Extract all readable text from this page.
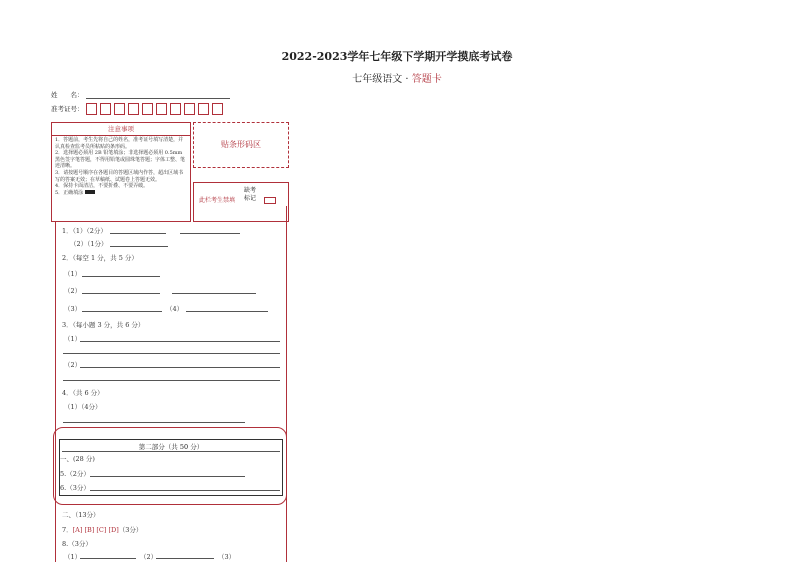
2022-2023学年七年级下学期开学摸底考试卷
七年级语文 · 答题卡
姓　　名：
准考证号：
注意事项
1．答题前，考生先将自己的姓名，准考证号填写清楚，并认真检查监考员所粘贴的条形码。
2．选择题必须用 2B 铅笔填涂；非选择题必须用 0.5mm 黑色签字笔答题，不得用铅笔或圆珠笔答题；字体工整、笔迹清晰。
3．请按题号顺序在各题目的答题区域内作答，超出区域书写的答案无效；在草稿纸、试题卷上答题无效。
4．保持卡面清洁，不要折叠、不要弄破。
5．正确填涂
贴条形码区
此栏考生禁填
缺考
标记
1．（1）（2分）
（2）（1分）
2．（每空 1 分，共 5 分）
（1）
（2）
（3）	（4）
3．（每小题 3 分，共 6 分）
（1）
（2）
4．（共 6 分）
（1）（4分）
第二部分（共 50 分）
一、(28 分)
5.（2分）
6.（3分）
二、（13分）
7．[A] [B] [C] [D]（3分）
8.（3分）
（1）	（2）	（3）
